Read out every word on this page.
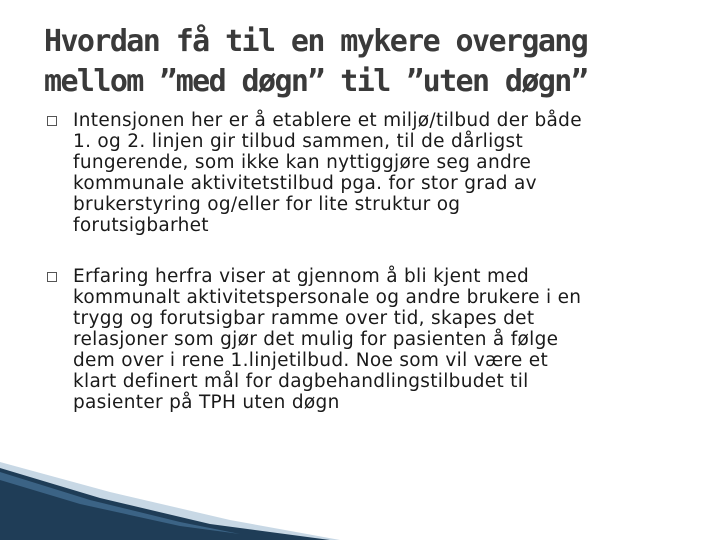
Hvordan få til en mykere overgang
mellom ”med døgn” til ”uten døgn”
Intensjonen her er å etablere et miljø/tilbud der både
1. og 2. linjen gir tilbud sammen, til de dårligst
fungerende, som ikke kan nyttiggjøre seg andre
kommunale aktivitetstilbud pga. for stor grad av
brukerstyring og/eller for lite struktur og
forutsigbarhet
Erfaring herfra viser at gjennom å bli kjent med
kommunalt aktivitetspersonale og andre brukere i en
trygg og forutsigbar ramme over tid, skapes det
relasjoner som gjør det mulig for pasienten å følge
dem over i rene 1.linjetilbud. Noe som vil være et
klart definert mål for dagbehandlingstilbudet til
pasienter på TPH uten døgn
